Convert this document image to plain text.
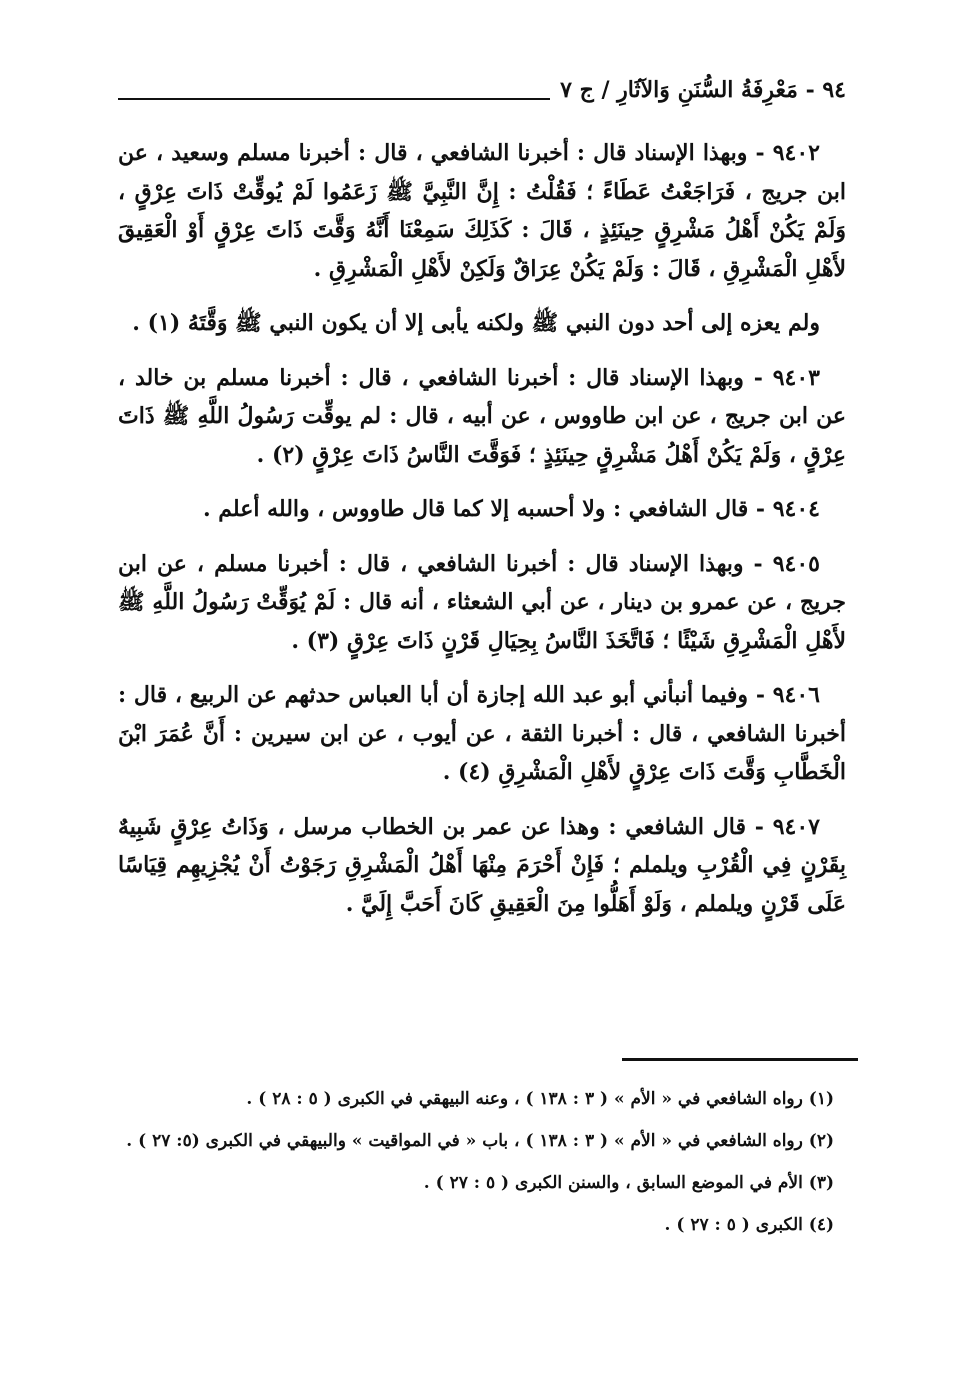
٩٤ - مَعْرِفَةُ السُّنَنِ وَالآثَارِ / ج ٧

٩٤٠٢ - وبهذا الإسناد قال : أخبرنا الشافعي ، قال : أخبرنا مسلم وسعيد ، عن ابن جريج ، فَرَاجَعْتُ عَطَاءً ؛ فَقُلْتُ : إِنَّ النَّبِيَّ ﷺ زَعَمُوا لَمْ يُوقِّتْ ذَاتَ عِرْقٍ ، وَلَمْ يَكُنْ أَهْلُ مَشْرِقٍ حِينَئِذٍ ، قَالَ : كَذَلِكَ سَمِعْنَا أَنَّهُ وَقَّتَ ذَاتَ عِرْقٍ أَوْ الْعَقِيقَ لأَهْلِ الْمَشْرِقِ ، قَالَ : وَلَمْ يَكُنْ عِرَاقٌ وَلَكِنْ لأَهْلِ الْمَشْرِقِ .

ولم يعزه إلى أحد دون النبي ﷺ ولكنه يأبى إلا أن يكون النبي ﷺ وَقَّتَهُ (١) .

٩٤٠٣ - وبهذا الإسناد قال : أخبرنا الشافعي ، قال : أخبرنا مسلم بن خالد ، عن ابن جريج ، عن ابن طاووس ، عن أبيه ، قال : لم يوقِّت رَسُولُ اللَّهِ ﷺ ذَاتَ عِرْقٍ ، وَلَمْ يَكُنْ أَهْلُ مَشْرِقٍ حِينَئِذٍ ؛ فَوَقَّتَ النَّاسُ ذَاتَ عِرْقٍ (٢) .

٩٤٠٤ - قال الشافعي : ولا أحسبه إلا كما قال طاووس ، والله أعلم .

٩٤٠٥ - وبهذا الإسناد قال : أخبرنا الشافعي ، قال : أخبرنا مسلم ، عن ابن جريج ، عن عمرو بن دينار ، عن أبي الشعثاء ، أنه قال : لَمْ يُوَقِّتْ رَسُولُ اللَّهِ ﷺ لأَهْلِ الْمَشْرِقِ شَيْئًا ؛ فَاتَّخَذَ النَّاسُ بِحِيَالِ قَرْنٍ ذَاتَ عِرْقٍ (٣) .

٩٤٠٦ - وفيما أنبأني أبو عبد الله إجازة أن أبا العباس حدثهم عن الربيع ، قال : أخبرنا الشافعي ، قال : أخبرنا الثقة ، عن أيوب ، عن ابن سيرين : أَنَّ عُمَرَ ابْنَ الْخَطَّابِ وَقَّتَ ذَاتَ عِرْقٍ لأَهْلِ الْمَشْرِقِ (٤) .

٩٤٠٧ - قال الشافعي : وهذا عن عمر بن الخطاب مرسل ، وَذَاتُ عِرْقٍ شَبِيهٌ بِقَرْنٍ فِي الْقُرْبِ ويلملم ؛ فَإِنْ أَحْرَمَ مِنْهَا أَهْلُ الْمَشْرِقِ رَجَوْتُ أَنْ يُجْزِيهِم قِيَاسًا عَلَى قَرْنٍ ويلملم ، وَلَوْ أَهَلُّوا مِنَ الْعَقِيقِ كَانَ أَحَبَّ إِلَيَّ .

(١) رواه الشافعي في « الأم » ( ٣ : ١٣٨ ) ، وعنه البيهقي في الكبرى ( ٥ : ٢٨ ) .

(٢) رواه الشافعي في « الأم » ( ٣ : ١٣٨ ) ، باب « في المواقيت » والبيهقي في الكبرى (٥: ٢٧ ) .

(٣) الأم في الموضع السابق ، والسنن الكبرى ( ٥ : ٢٧ ) .

(٤) الكبرى ( ٥ : ٢٧ ) .
